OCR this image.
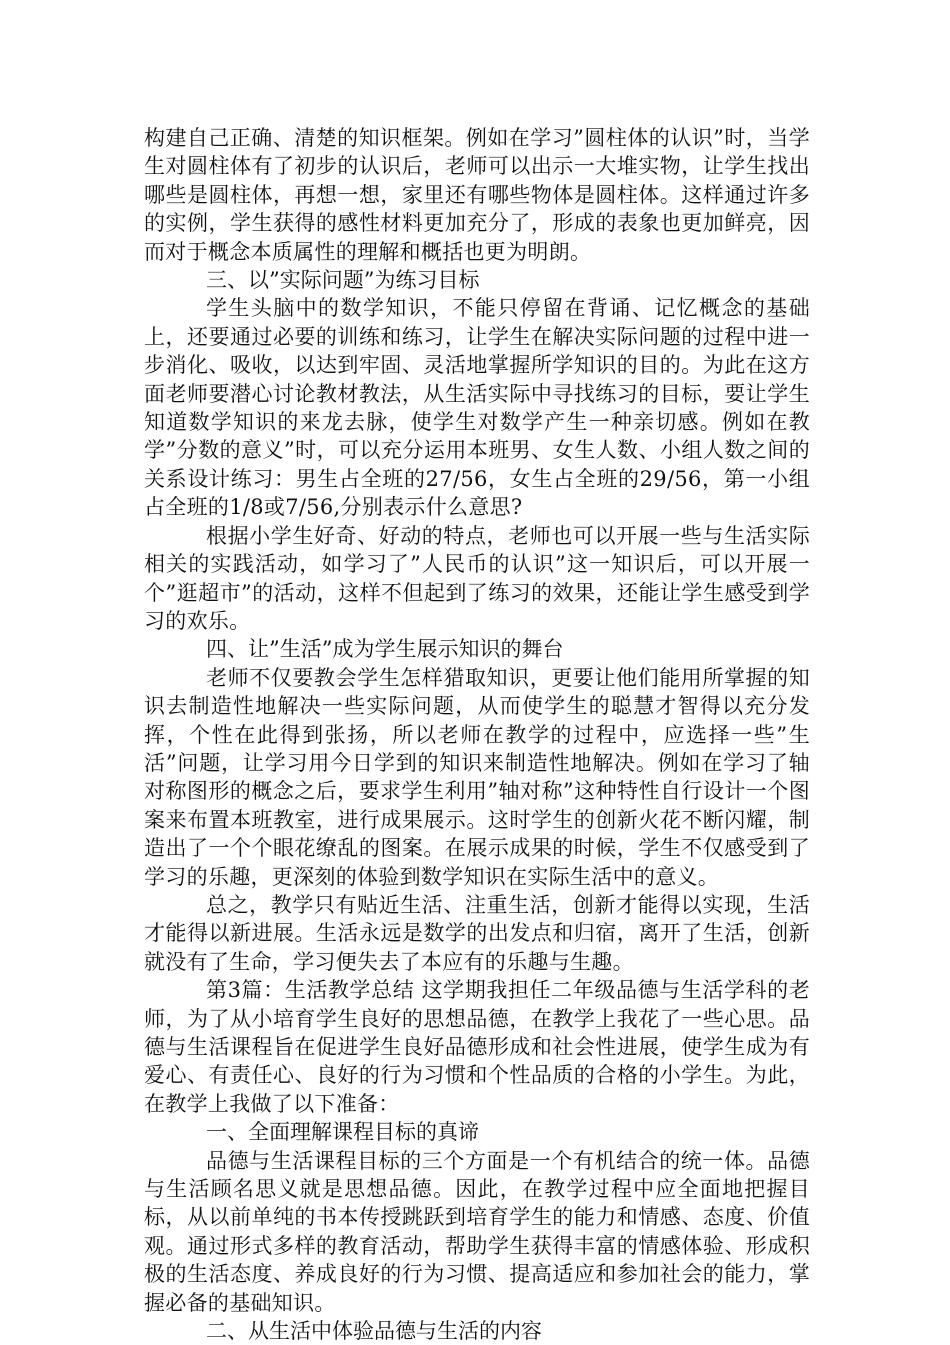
构建自己正确、清楚的知识框架。例如在学习”圆柱体的认识”时，当学生对圆柱体有了初步的认识后，老师可以出示一大堆实物，让学生找出哪些是圆柱体，再想一想，家里还有哪些物体是圆柱体。这样通过许多的实例，学生获得的感性材料更加充分了，形成的表象也更加鲜亮，因而对于概念本质属性的理解和概括也更为明朗。

三、以”实际问题”为练习目标

学生头脑中的数学知识，不能只停留在背诵、记忆概念的基础上，还要通过必要的训练和练习，让学生在解决实际问题的过程中进一步消化、吸收，以达到牢固、灵活地掌握所学知识的目的。为此在这方面老师要潜心讨论教材教法，从生活实际中寻找练习的目标，要让学生知道数学知识的来龙去脉，使学生对数学产生一种亲切感。例如在教学”分数的意义”时，可以充分运用本班男、女生人数、小组人数之间的关系设计练习：男生占全班的27/56，女生占全班的29/56，第一小组占全班的1/8或7/56,分别表示什么意思?

根据小学生好奇、好动的特点，老师也可以开展一些与生活实际相关的实践活动，如学习了”人民币的认识”这一知识后，可以开展一个”逛超市”的活动，这样不但起到了练习的效果，还能让学生感受到学习的欢乐。

四、让”生活”成为学生展示知识的舞台

老师不仅要教会学生怎样猎取知识，更要让他们能用所掌握的知识去制造性地解决一些实际问题，从而使学生的聪慧才智得以充分发挥，个性在此得到张扬，所以老师在教学的过程中，应选择一些”生活”问题，让学习用今日学到的知识来制造性地解决。例如在学习了轴对称图形的概念之后，要求学生利用”轴对称”这种特性自行设计一个图案来布置本班教室，进行成果展示。这时学生的创新火花不断闪耀，制造出了一个个眼花缭乱的图案。在展示成果的时候，学生不仅感受到了学习的乐趣，更深刻的体验到数学知识在实际生活中的意义。

总之，教学只有贴近生活、注重生活，创新才能得以实现，生活才能得以新进展。生活永远是数学的出发点和归宿，离开了生活，创新就没有了生命，学习便失去了本应有的乐趣与生趣。

第3篇：生活教学总结 这学期我担任二年级品德与生活学科的老师，为了从小培育学生良好的思想品德，在教学上我花了一些心思。品德与生活课程旨在促进学生良好品德形成和社会性进展，使学生成为有爱心、有责任心、良好的行为习惯和个性品质的合格的小学生。为此，在教学上我做了以下准备：

一、全面理解课程目标的真谛

品德与生活课程目标的三个方面是一个有机结合的统一体。品德与生活顾名思义就是思想品德。因此，在教学过程中应全面地把握目标，从以前单纯的书本传授跳跃到培育学生的能力和情感、态度、价值观。通过形式多样的教育活动，帮助学生获得丰富的情感体验、形成积极的生活态度、养成良好的行为习惯、提高适应和参加社会的能力，掌握必备的基础知识。

二、从生活中体验品德与生活的内容
